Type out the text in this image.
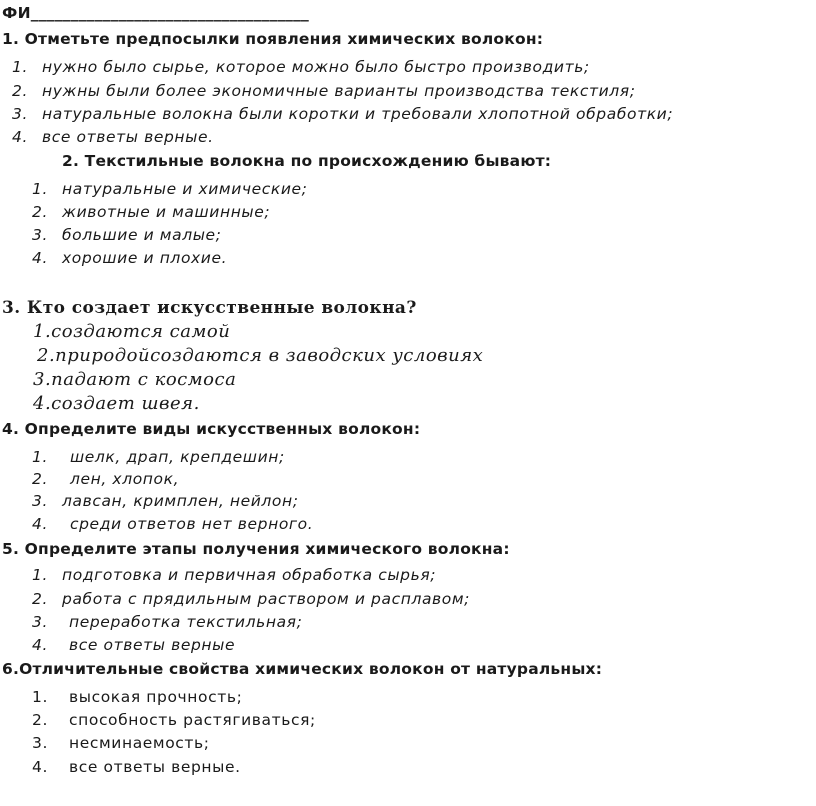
ФИ___________________________________
1. Отметьте предпосылки появления химических волокон:
1. нужно было сырье, которое можно было быстро производить;
2. нужны были более экономичные варианты производства текстиля;
3. натуральные волокна были коротки и требовали хлопотной обработки;
4. все ответы верные.
2. Текстильные волокна по происхождению бывают:
1. натуральные и химические;
2. животные и машинные;
3. большие и малые;
4. хорошие и плохие.
3. Кто создает искусственные волокна?
1.создаются самой
2.природойсоздаются в заводских условиях
3.падают с космоса
4.создает швея.
4. Определите виды искусственных волокон:
1. шелк, драп, крепдешин;
2. лен, хлопок,
3. лавсан, кримплен, нейлон;
4. среди ответов нет верного.
5. Определите этапы получения химического волокна:
1. подготовка и первичная обработка сырья;
2. работа с прядильным раствором и расплавом;
3. переработка текстильная;
4. все ответы верные
6.Отличительные свойства химических волокон от натуральных:
1. высокая прочность;
2. способность растягиваться;
3. несминаемость;
4. все ответы верные.
